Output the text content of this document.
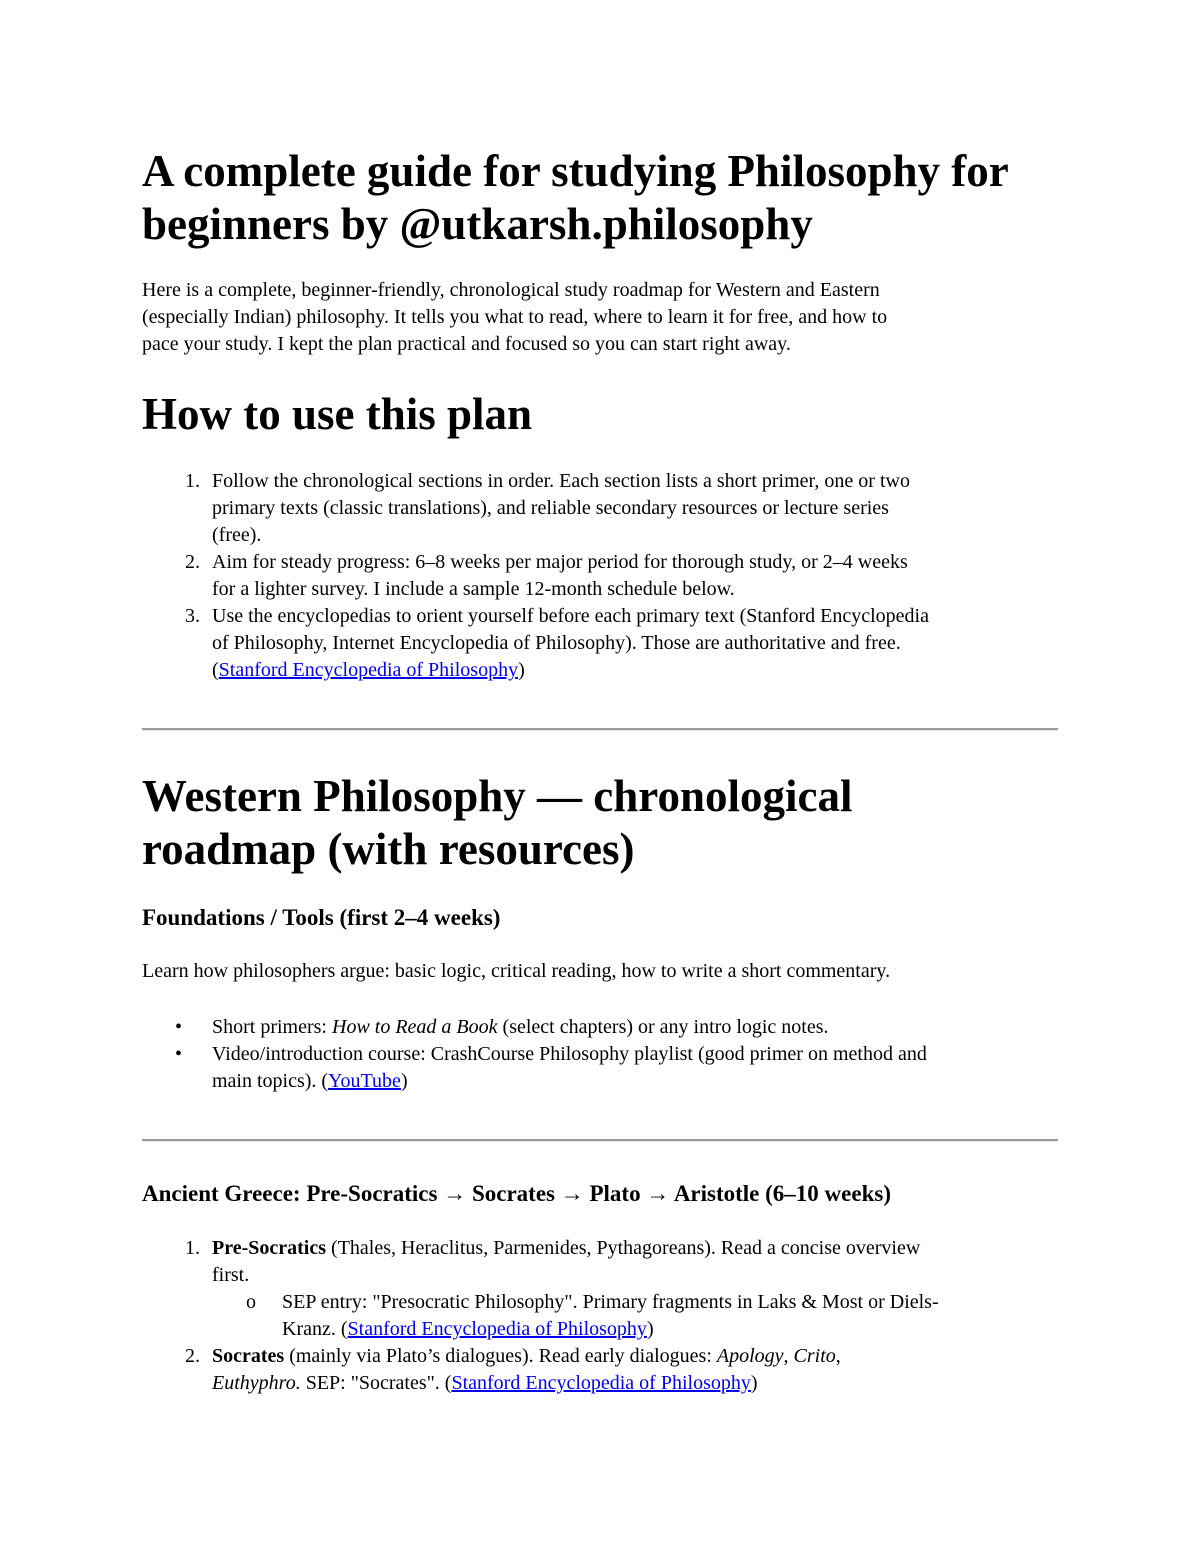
A complete guide for studying Philosophy for
beginners by @utkarsh.philosophy

Here is a complete, beginner-friendly, chronological study roadmap for Western and Eastern
(especially Indian) philosophy. It tells you what to read, where to learn it for free, and how to
pace your study. I kept the plan practical and focused so you can start right away.

How to use this plan
1. Follow the chronological sections in order. Each section lists a short primer, one or two
primary texts (classic translations), and reliable secondary resources or lecture series
(free).
2. Aim for steady progress: 6–8 weeks per major period for thorough study, or 2–4 weeks
for a lighter survey. I include a sample 12-month schedule below.
3. Use the encyclopedias to orient yourself before each primary text (Stanford Encyclopedia
of Philosophy, Internet Encyclopedia of Philosophy). Those are authoritative and free.
(Stanford Encyclopedia of Philosophy)
Western Philosophy — chronological
roadmap (with resources)
Foundations / Tools (first 2–4 weeks)

Learn how philosophers argue: basic logic, critical reading, how to write a short commentary.

• Short primers: How to Read a Book (select chapters) or any intro logic notes.
• Video/introduction course: CrashCourse Philosophy playlist (good primer on method and
main topics). (YouTube)
Ancient Greece: Pre-Socratics → Socrates → Plato → Aristotle (6–10 weeks)
1. Pre-Socratics (Thales, Heraclitus, Parmenides, Pythagoreans). Read a concise overview
first.
o SEP entry: "Presocratic Philosophy". Primary fragments in Laks & Most or Diels-
Kranz. (Stanford Encyclopedia of Philosophy)
2. Socrates (mainly via Plato’s dialogues). Read early dialogues: Apology, Crito,
Euthyphro. SEP: "Socrates". (Stanford Encyclopedia of Philosophy)
